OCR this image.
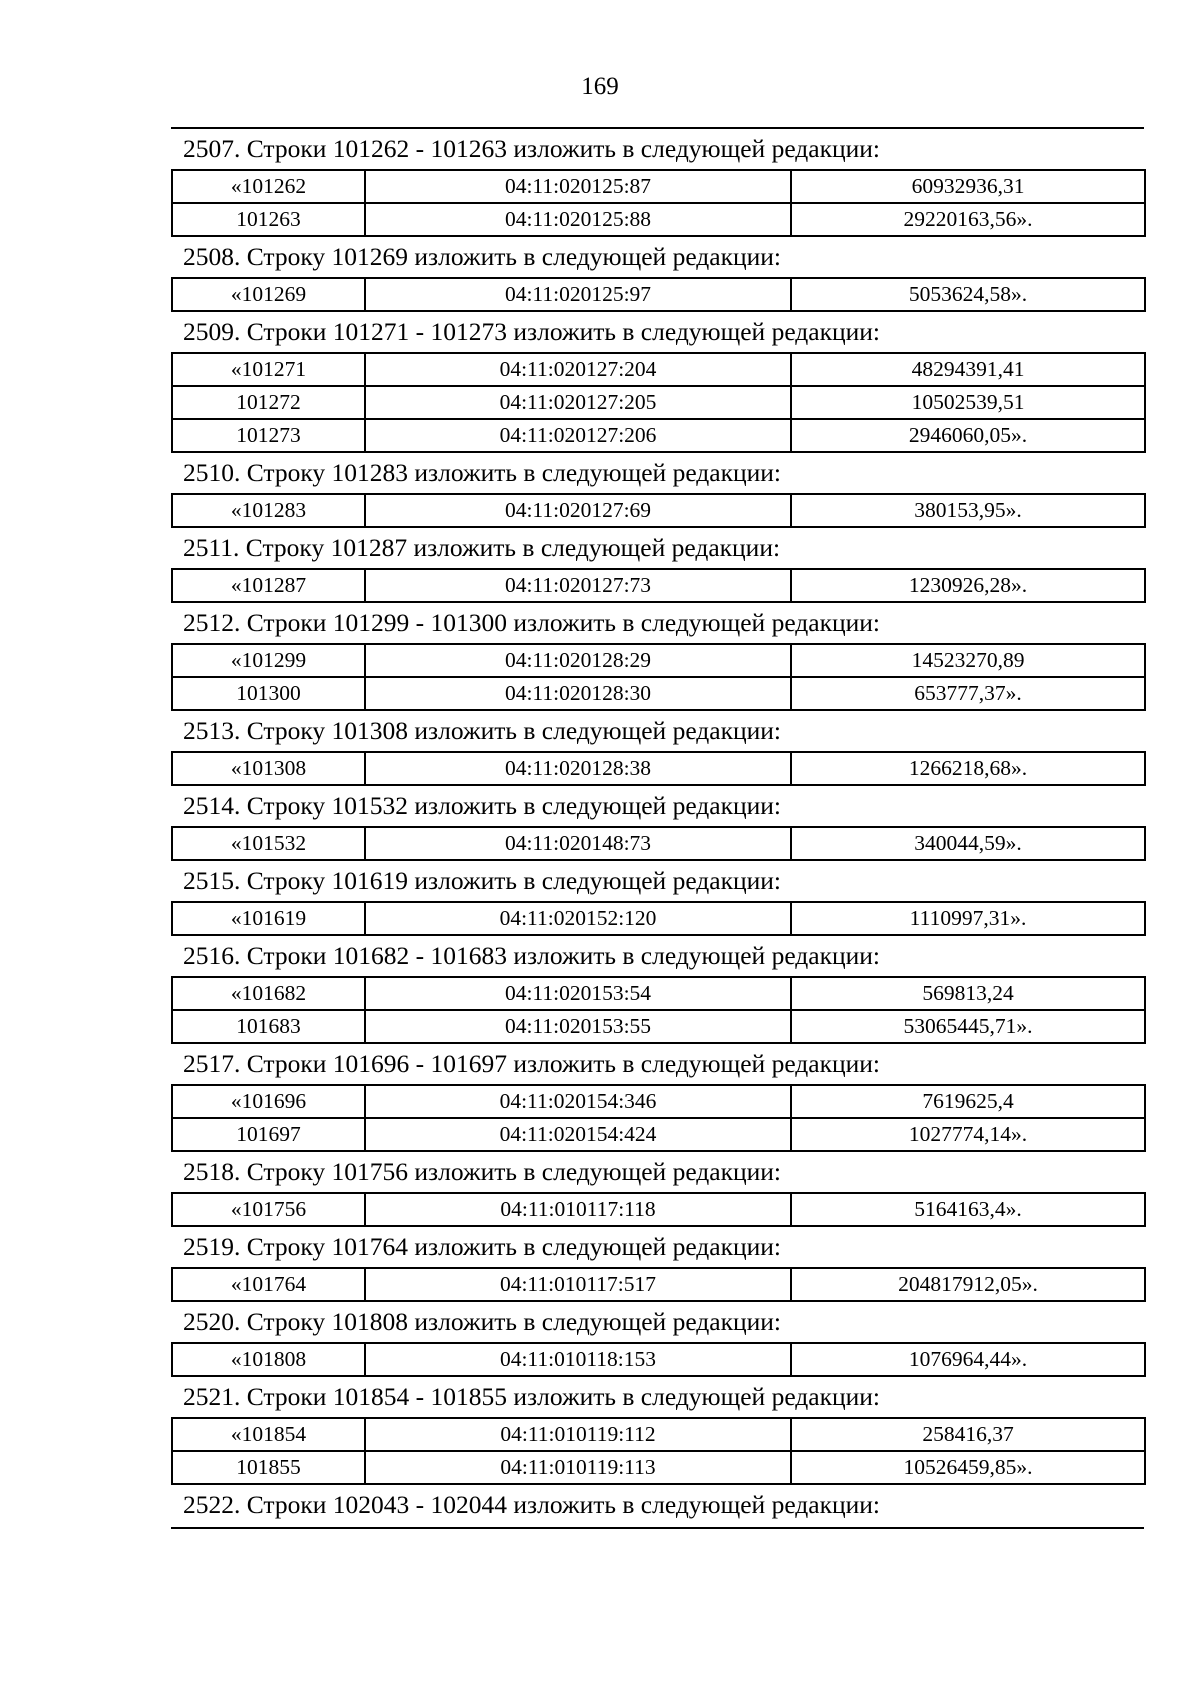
169
2507. Строки 101262 - 101263 изложить в следующей редакции:
«101262	04:11:020125:87	60932936,31
101263	04:11:020125:88	29220163,56».
2508. Строку 101269 изложить в следующей редакции:
«101269	04:11:020125:97	5053624,58».
2509. Строки 101271 - 101273 изложить в следующей редакции:
«101271	04:11:020127:204	48294391,41
101272	04:11:020127:205	10502539,51
101273	04:11:020127:206	2946060,05».
2510. Строку 101283 изложить в следующей редакции:
«101283	04:11:020127:69	380153,95».
2511. Строку 101287 изложить в следующей редакции:
«101287	04:11:020127:73	1230926,28».
2512. Строки 101299 - 101300 изложить в следующей редакции:
«101299	04:11:020128:29	14523270,89
101300	04:11:020128:30	653777,37».
2513. Строку 101308 изложить в следующей редакции:
«101308	04:11:020128:38	1266218,68».
2514. Строку 101532 изложить в следующей редакции:
«101532	04:11:020148:73	340044,59».
2515. Строку 101619 изложить в следующей редакции:
«101619	04:11:020152:120	1110997,31».
2516. Строки 101682 - 101683 изложить в следующей редакции:
«101682	04:11:020153:54	569813,24
101683	04:11:020153:55	53065445,71».
2517. Строки 101696 - 101697 изложить в следующей редакции:
«101696	04:11:020154:346	7619625,4
101697	04:11:020154:424	1027774,14».
2518. Строку 101756 изложить в следующей редакции:
«101756	04:11:010117:118	5164163,4».
2519. Строку 101764 изложить в следующей редакции:
«101764	04:11:010117:517	204817912,05».
2520. Строку 101808 изложить в следующей редакции:
«101808	04:11:010118:153	1076964,44».
2521. Строки 101854 - 101855 изложить в следующей редакции:
«101854	04:11:010119:112	258416,37
101855	04:11:010119:113	10526459,85».
2522. Строки 102043 - 102044 изложить в следующей редакции:
